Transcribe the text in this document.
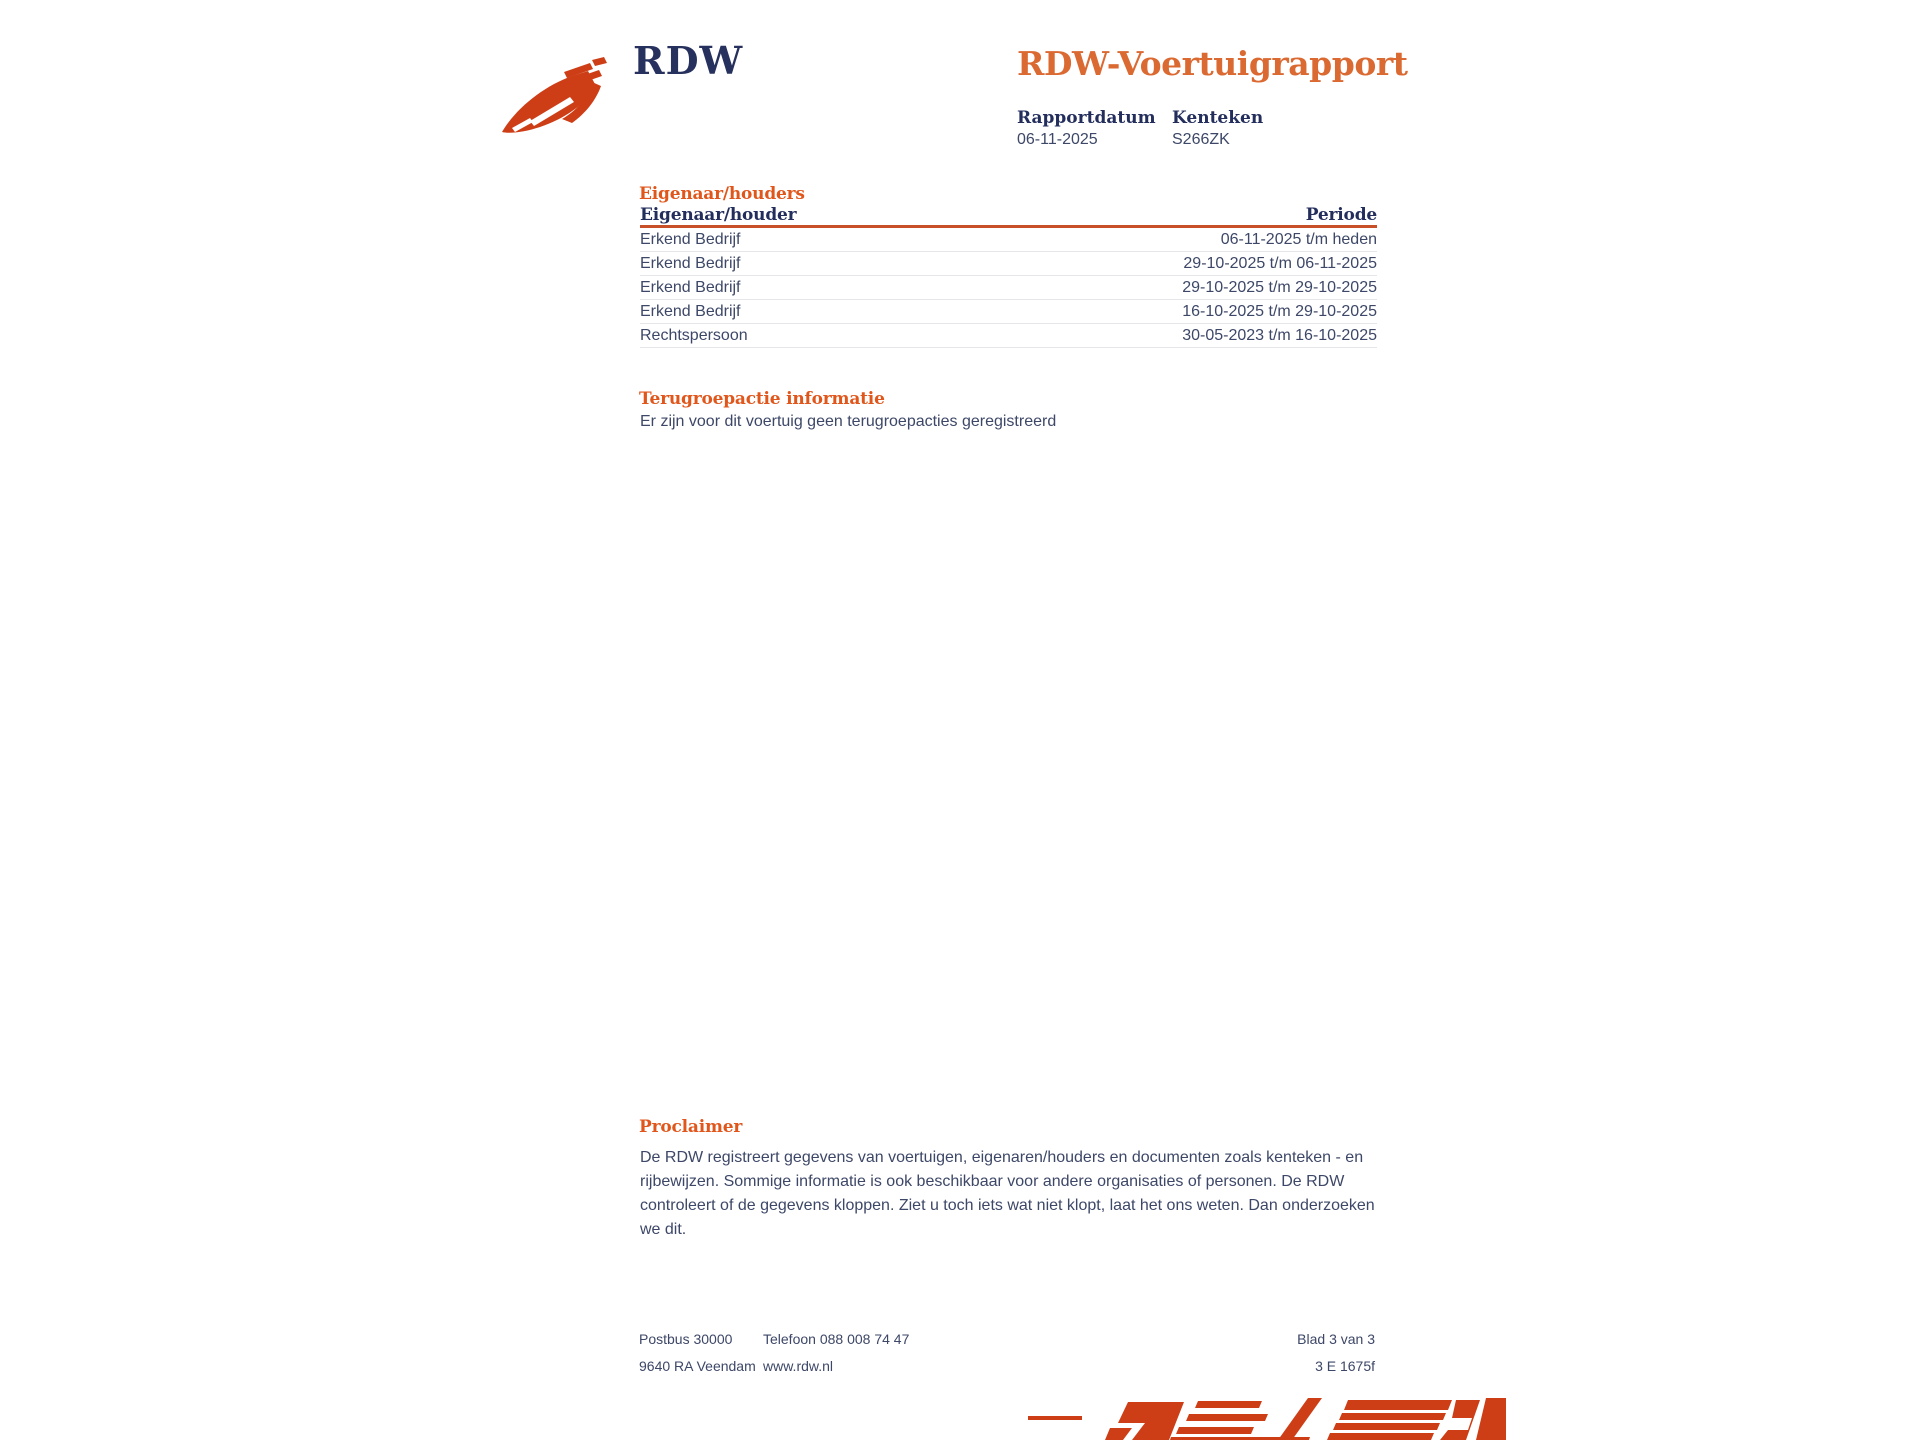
RDW	RDW-Voertuigrapport
Rapportdatum
06-11-2025
Kenteken
S266ZK
Eigenaar/houders
Eigenaar/houder	Periode
Erkend Bedrijf	06-11-2025 t/m heden
Erkend Bedrijf	29-10-2025 t/m 06-11-2025
Erkend Bedrijf	29-10-2025 t/m 29-10-2025
Erkend Bedrijf	16-10-2025 t/m 29-10-2025
Rechtspersoon	30-05-2023 t/m 16-10-2025
Terugroepactie informatie
Er zijn voor dit voertuig geen terugroepacties geregistreerd
Proclaimer
De RDW registreert gegevens van voertuigen, eigenaren/houders en documenten zoals kenteken - en
rijbewijzen. Sommige informatie is ook beschikbaar voor andere organisaties of personen. De RDW
controleert of de gegevens kloppen. Ziet u toch iets wat niet klopt, laat het ons weten. Dan onderzoeken
we dit.
Postbus 30000
9640 RA Veendam
Telefoon 088 008 74 47
www.rdw.nl
Blad 3 van 3
3 E 1675f
